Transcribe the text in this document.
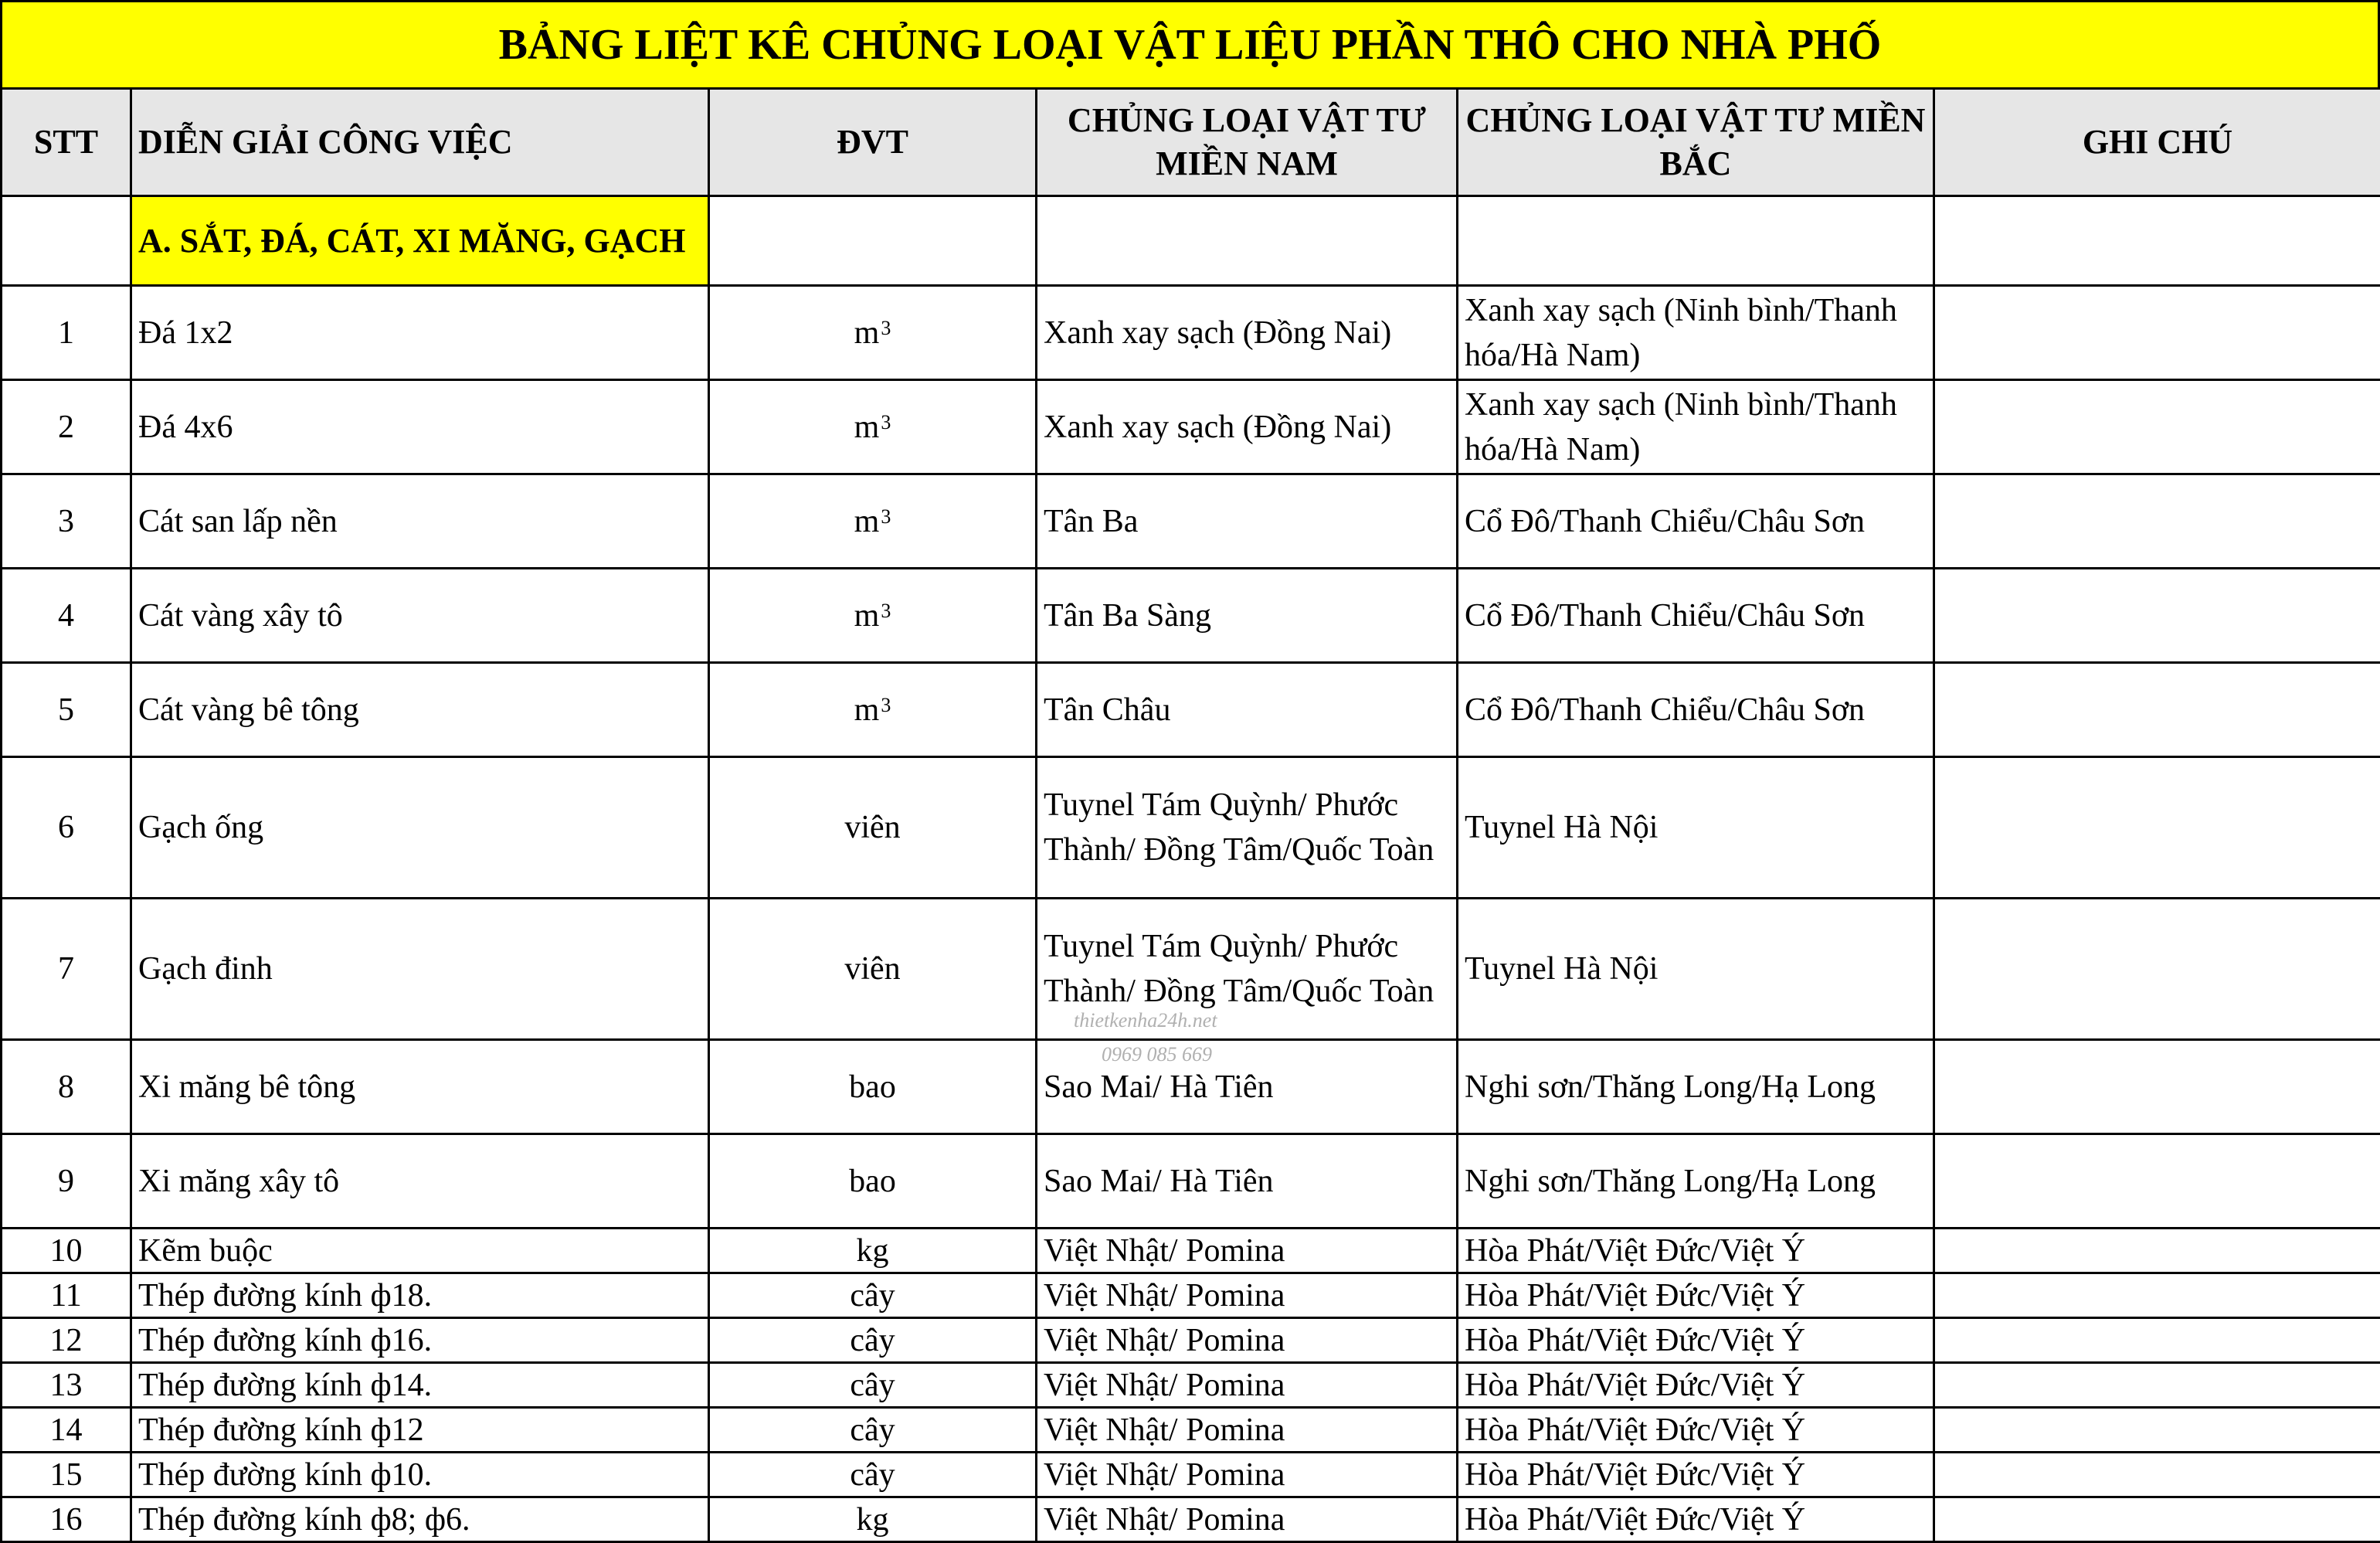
BẢNG LIỆT KÊ CHỦNG LOẠI VẬT LIỆU PHẦN THÔ CHO NHÀ PHỐ
STT	DIỄN GIẢI CÔNG VIỆC	ĐVT	CHỦNG LOẠI VẬT TƯ MIỀN NAM	CHỦNG LOẠI VẬT TƯ MIỀN BẮC	GHI CHÚ
	A. SẮT, ĐÁ, CÁT, XI MĂNG, GẠCH				
1	Đá 1x2	$m^3$	Xanh xay sạch (Đồng Nai)	Xanh xay sạch (Ninh bình/Thanh hóa/Hà Nam)	
2	Đá 4x6	$m^3$	Xanh xay sạch (Đồng Nai)	Xanh xay sạch (Ninh bình/Thanh hóa/Hà Nam)	
3	Cát san lấp nền	$m^3$	Tân Ba	Cổ Đô/Thanh Chiểu/Châu Sơn	
4	Cát vàng xây tô	$m^3$	Tân Ba Sàng	Cổ Đô/Thanh Chiểu/Châu Sơn	
5	Cát vàng bê tông	$m^3$	Tân Châu	Cổ Đô/Thanh Chiểu/Châu Sơn	
6	Gạch ống	viên	Tuynel Tám Quỳnh/ Phước Thành/ Đồng Tâm/Quốc Toàn	Tuynel Hà Nội	
7	Gạch đinh	viên	Tuynel Tám Quỳnh/ Phước Thành/ Đồng Tâm/Quốc Toàn	Tuynel Hà Nội	
8	Xi măng bê tông	bao	Sao Mai/ Hà Tiên	Nghi sơn/Thăng Long/Hạ Long	
9	Xi măng xây tô	bao	Sao Mai/ Hà Tiên	Nghi sơn/Thăng Long/Hạ Long	
10	Kẽm buộc	kg	Việt Nhật/ Pomina	Hòa Phát/Việt Đức/Việt Ý	
11	Thép đường kính ф18.	cây	Việt Nhật/ Pomina	Hòa Phát/Việt Đức/Việt Ý	
12	Thép đường kính ф16.	cây	Việt Nhật/ Pomina	Hòa Phát/Việt Đức/Việt Ý	
13	Thép đường kính ф14.	cây	Việt Nhật/ Pomina	Hòa Phát/Việt Đức/Việt Ý	
14	Thép đường kính ф12	cây	Việt Nhật/ Pomina	Hòa Phát/Việt Đức/Việt Ý	
15	Thép đường kính ф10.	cây	Việt Nhật/ Pomina	Hòa Phát/Việt Đức/Việt Ý	
16	Thép đường kính ф8; ф6.	kg	Việt Nhật/ Pomina	Hòa Phát/Việt Đức/Việt Ý	
thietkenha24h.net
0969 085 669
